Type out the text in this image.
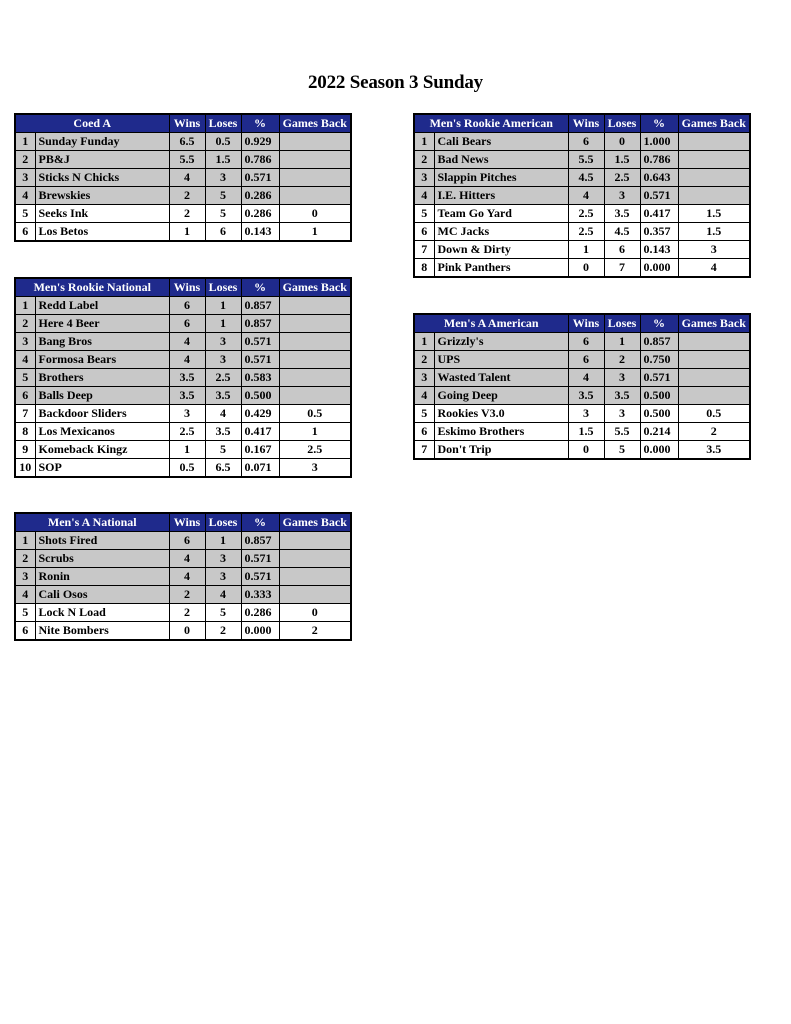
2022 Season 3 Sunday
Coed A		Wins	Loses	%	Games Back
1	Sunday Funday	6.5	0.5	0.929	
2	PB&J	5.5	1.5	0.786	
3	Sticks N Chicks	4	3	0.571	
4	Brewskies	2	5	0.286	
5	Seeks Ink	2	5	0.286	0
6	Los Betos	1	6	0.143	1
Men's Rookie American		Wins	Loses	%	Games Back
1	Cali Bears	6	0	1.000	
2	Bad News	5.5	1.5	0.786	
3	Slappin Pitches	4.5	2.5	0.643	
4	I.E. Hitters	4	3	0.571	
5	Team Go Yard	2.5	3.5	0.417	1.5
6	MC Jacks	2.5	4.5	0.357	1.5
7	Down & Dirty	1	6	0.143	3
8	Pink Panthers	0	7	0.000	4
Men's Rookie National		Wins	Loses	%	Games Back
1	Redd Label	6	1	0.857	
2	Here 4 Beer	6	1	0.857	
3	Bang Bros	4	3	0.571	
4	Formosa Bears	4	3	0.571	
5	Brothers	3.5	2.5	0.583	
6	Balls Deep	3.5	3.5	0.500	
7	Backdoor Sliders	3	4	0.429	0.5
8	Los Mexicanos	2.5	3.5	0.417	1
9	Komeback Kingz	1	5	0.167	2.5
10	SOP	0.5	6.5	0.071	3
Men's A American		Wins	Loses	%	Games Back
1	Grizzly's	6	1	0.857	
2	UPS	6	2	0.750	
3	Wasted Talent	4	3	0.571	
4	Going Deep	3.5	3.5	0.500	
5	Rookies V3.0	3	3	0.500	0.5
6	Eskimo Brothers	1.5	5.5	0.214	2
7	Don't Trip	0	5	0.000	3.5
Men's A National		Wins	Loses	%	Games Back
1	Shots Fired	6	1	0.857	
2	Scrubs	4	3	0.571	
3	Ronin	4	3	0.571	
4	Cali Osos	2	4	0.333	
5	Lock N Load	2	5	0.286	0
6	Nite Bombers	0	2	0.000	2
